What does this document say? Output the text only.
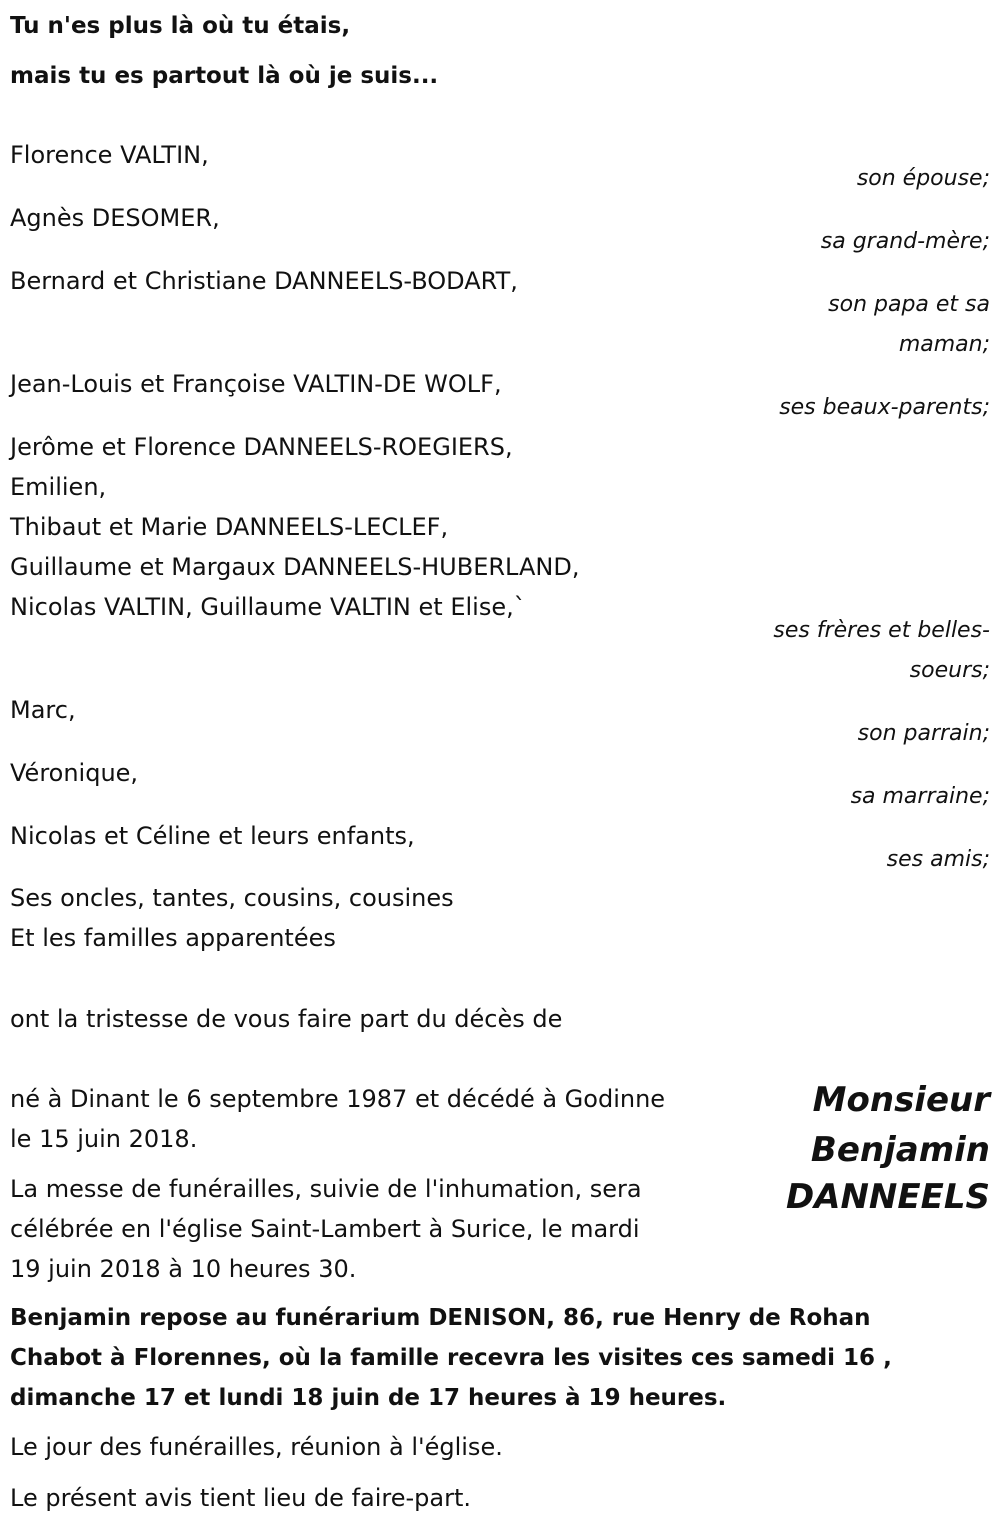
Tu n'es plus là où tu étais,
mais tu es partout là où je suis...
Florence VALTIN,
son épouse;
Agnès DESOMER,
sa grand-mère;
Bernard et Christiane DANNEELS-BODART,
son papa et sa
maman;
Jean-Louis et Françoise VALTIN-DE WOLF,
ses beaux-parents;
Jerôme et Florence DANNEELS-ROEGIERS,
Emilien,
Thibaut et Marie DANNEELS-LECLEF,
Guillaume et Margaux DANNEELS-HUBERLAND,
Nicolas VALTIN, Guillaume VALTIN et Elise,`
ses frères et belles-
soeurs;
Marc,
son parrain;
Véronique,
sa marraine;
Nicolas et Céline et leurs enfants,
ses amis;
Ses oncles, tantes, cousins, cousines
Et les familles apparentées
ont la tristesse de vous faire part du décès de
Monsieur
Benjamin
DANNEELS
né à Dinant le 6 septembre 1987 et décédé à Godinne
le 15 juin 2018.
La messe de funérailles, suivie de l'inhumation, sera
célébrée en l'église Saint-Lambert à Surice, le mardi
19 juin 2018 à 10 heures 30.
Benjamin repose au funérarium DENISON, 86, rue Henry de Rohan
Chabot à Florennes, où la famille recevra les visites ces samedi 16 ,
dimanche 17 et lundi 18 juin de 17 heures à 19 heures.
Le jour des funérailles, réunion à l'église.
Le présent avis tient lieu de faire-part.
